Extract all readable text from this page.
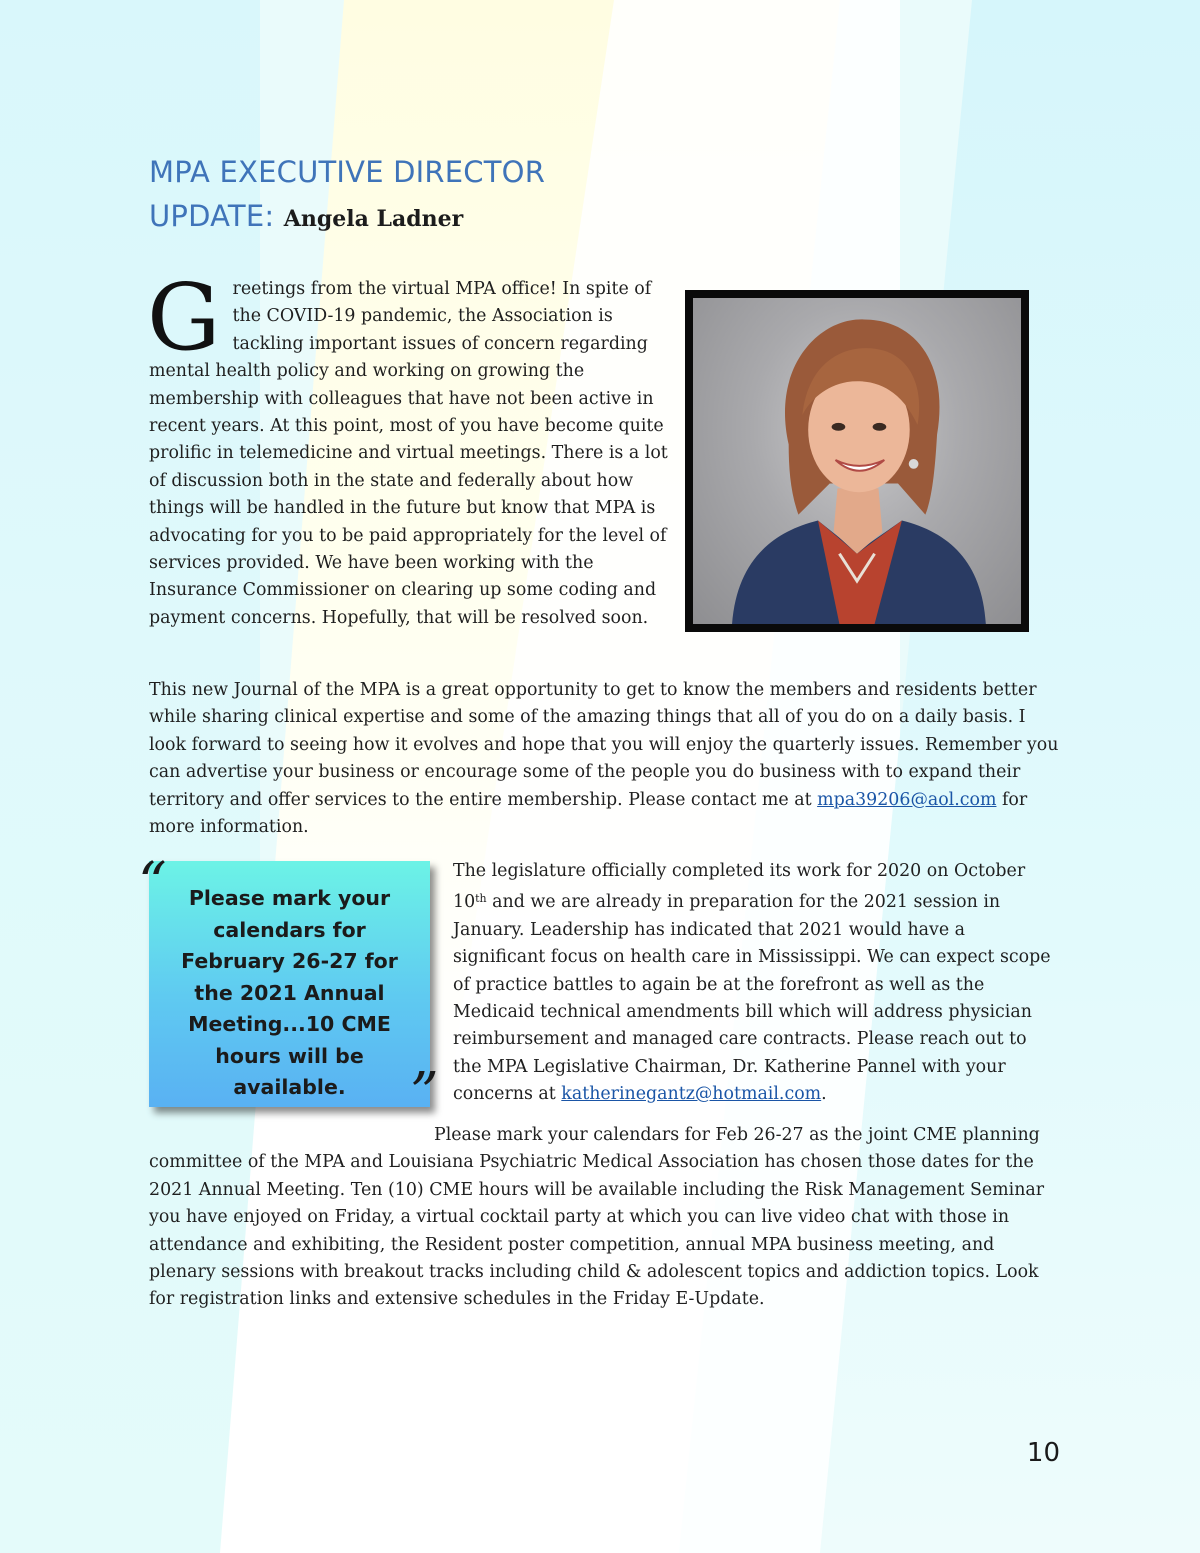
MPA EXECUTIVE DIRECTOR
UPDATE: Angela Ladner
Greetings from the virtual MPA office! In spite of the COVID-19 pandemic, the Association is tackling important issues of concern regarding mental health policy and working on growing the membership with colleagues that have not been active in recent years. At this point, most of you have become quite prolific in telemedicine and virtual meetings. There is a lot of discussion both in the state and federally about how things will be handled in the future but know that MPA is advocating for you to be paid appropriately for the level of services provided. We have been working with the Insurance Commissioner on clearing up some coding and payment concerns. Hopefully, that will be resolved soon.
This new Journal of the MPA is a great opportunity to get to know the members and residents better while sharing clinical expertise and some of the amazing things that all of you do on a daily basis. I look forward to seeing how it evolves and hope that you will enjoy the quarterly issues. Remember you can advertise your business or encourage some of the people you do business with to expand their territory and offer services to the entire membership. Please contact me at mpa39206@aol.com for more information.
Please mark your calendars for February 26-27 for the 2021 Annual Meeting...10 CME hours will be available.
“
”
The legislature officially completed its work for 2020 on October 10th and we are already in preparation for the 2021 session in January. Leadership has indicated that 2021 would have a significant focus on health care in Mississippi. We can expect scope of practice battles to again be at the forefront as well as the Medicaid technical amendments bill which will address physician reimbursement and managed care contracts. Please reach out to the MPA Legislative Chairman, Dr. Katherine Pannel with your concerns at katherinegantz@hotmail.com.
Please mark your calendars for Feb 26-27 as the joint CME planning committee of the MPA and Louisiana Psychiatric Medical Association has chosen those dates for the 2021 Annual Meeting. Ten (10) CME hours will be available including the Risk Management Seminar you have enjoyed on Friday, a virtual cocktail party at which you can live video chat with those in attendance and exhibiting, the Resident poster competition, annual MPA business meeting, and plenary sessions with breakout tracks including child & adolescent topics and addiction topics. Look for registration links and extensive schedules in the Friday E-Update.
10
